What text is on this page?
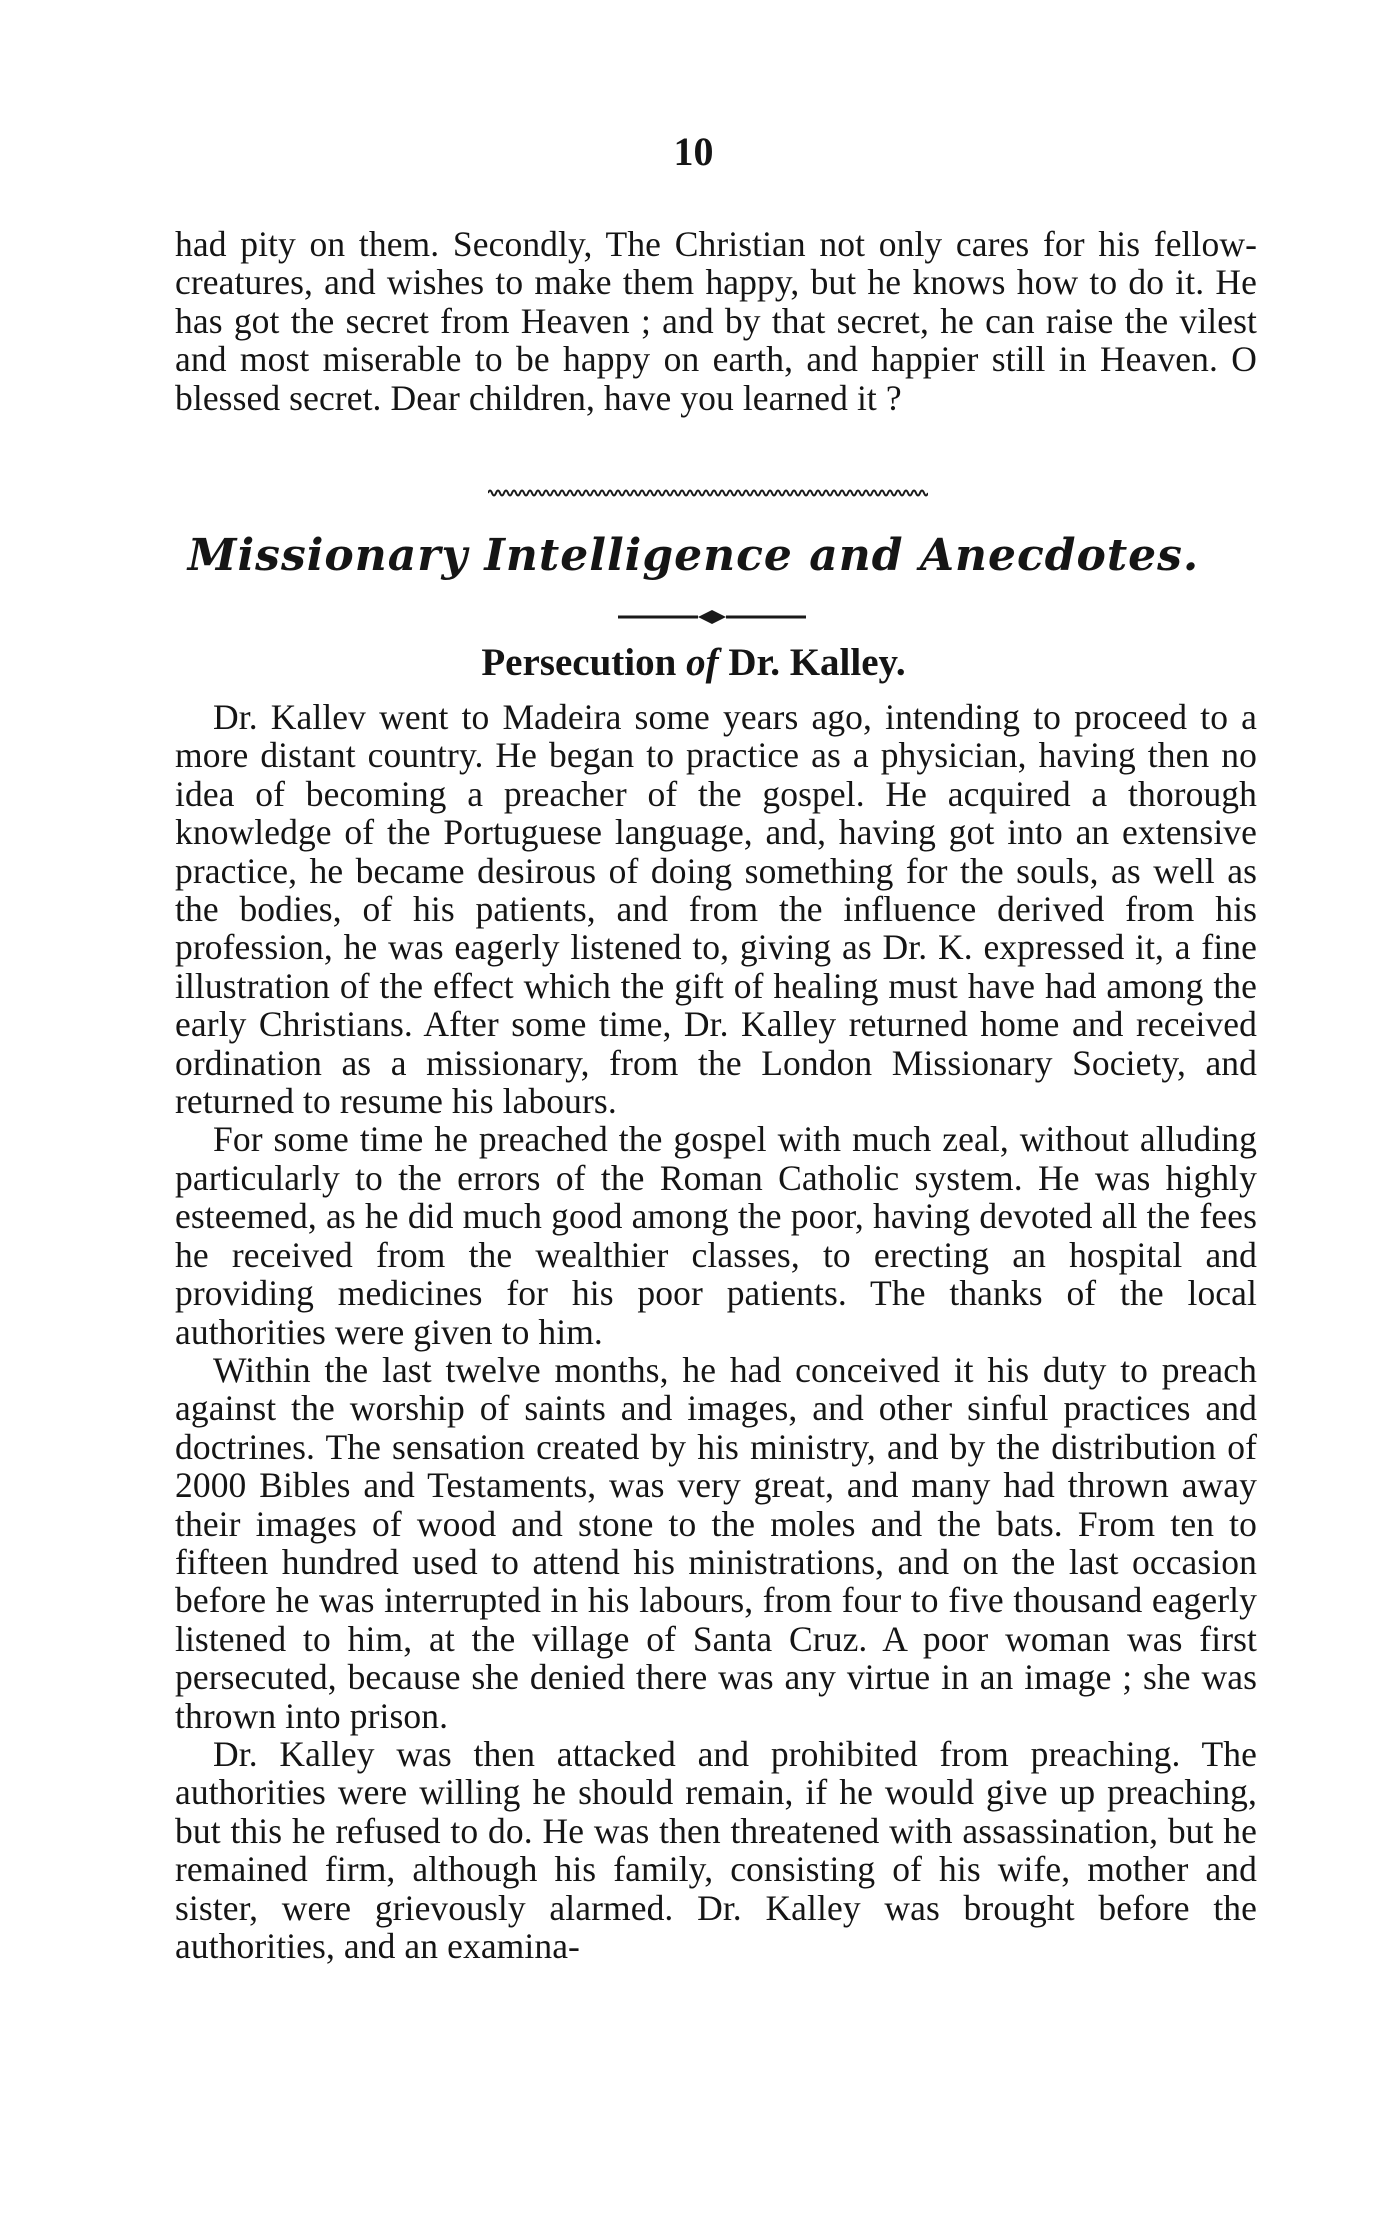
10

had pity on them. Secondly, The Christian not only cares for his fellow-creatures, and wishes to make them happy, but he knows how to do it. He has got the secret from Heaven ; and by that secret, he can raise the vilest and most miserable to be happy on earth, and happier still in Heaven. O blessed secret. Dear children, have you learned it ?

Missionary Intelligence and Anecdotes.
Persecution of Dr. Kalley.

Dr. Kallev went to Madeira some years ago, intending to proceed to a more distant country. He began to practice as a physician, having then no idea of becoming a preacher of the gospel. He acquired a thorough knowledge of the Portuguese language, and, having got into an extensive practice, he became desirous of doing something for the souls, as well as the bodies, of his patients, and from the influence derived from his profession, he was eagerly listened to, giving as Dr. K. expressed it, a fine illustration of the effect which the gift of healing must have had among the early Christians. After some time, Dr. Kalley returned home and received ordination as a missionary, from the London Missionary Society, and returned to resume his labours.

For some time he preached the gospel with much zeal, without alluding particularly to the errors of the Roman Catholic system. He was highly esteemed, as he did much good among the poor, having devoted all the fees he received from the wealthier classes, to erecting an hospital and providing medicines for his poor patients. The thanks of the local authorities were given to him.

Within the last twelve months, he had conceived it his duty to preach against the worship of saints and images, and other sinful practices and doctrines. The sensation created by his ministry, and by the distribution of 2000 Bibles and Testaments, was very great, and many had thrown away their images of wood and stone to the moles and the bats. From ten to fifteen hundred used to attend his ministrations, and on the last occasion before he was interrupted in his labours, from four to five thousand eagerly listened to him, at the village of Santa Cruz. A poor woman was first persecuted, because she denied there was any virtue in an image ; she was thrown into prison.

Dr. Kalley was then attacked and prohibited from preaching. The authorities were willing he should remain, if he would give up preaching, but this he refused to do. He was then threatened with assassination, but he remained firm, although his family, consisting of his wife, mother and sister, were grievously alarmed. Dr. Kalley was brought before the authorities, and an examina-
